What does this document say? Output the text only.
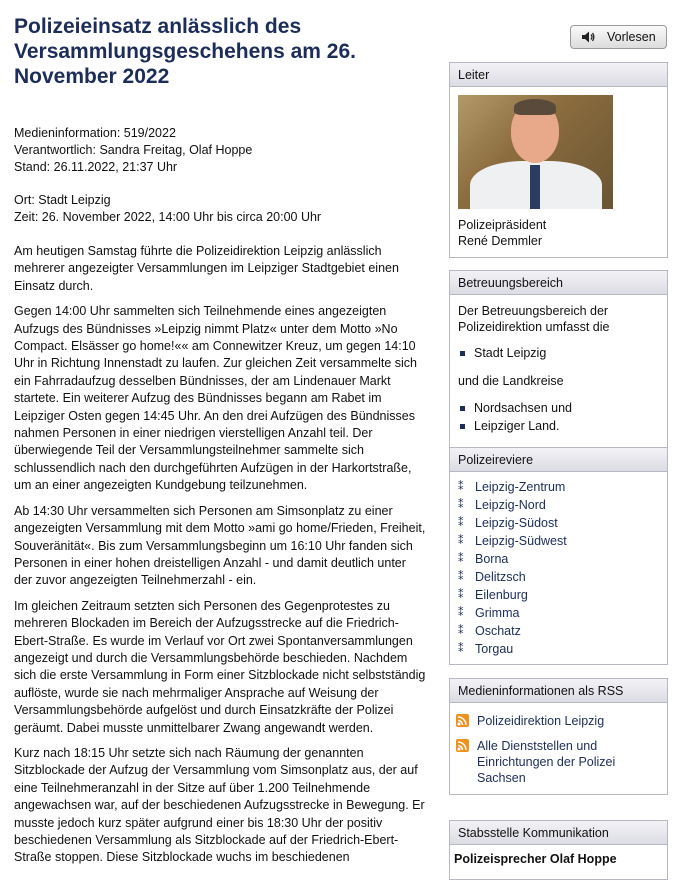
Polizeieinsatz anlässlich des Versammlungsgeschehens am 26. November 2022
Medieninformation: 519/2022
Verantwortlich: Sandra Freitag, Olaf Hoppe
Stand: 26.11.2022, 21:37 Uhr
Ort: Stadt Leipzig
Zeit: 26. November 2022, 14:00 Uhr bis circa 20:00 Uhr

Am heutigen Samstag führte die Polizeidirektion Leipzig anlässlich mehrerer angezeigter Versammlungen im Leipziger Stadtgebiet einen Einsatz durch.

Gegen 14:00 Uhr sammelten sich Teilnehmende eines angezeigten Aufzugs des Bündnisses »Leipzig nimmt Platz« unter dem Motto »No Compact. Elsässer go home!«« am Connewitzer Kreuz, um gegen 14:10 Uhr in Richtung Innenstadt zu laufen. Zur gleichen Zeit versammelte sich ein Fahrradaufzug desselben Bündnisses, der am Lindenauer Markt startete. Ein weiterer Aufzug des Bündnisses begann am Rabet im Leipziger Osten gegen 14:45 Uhr. An den drei Aufzügen des Bündnisses nahmen Personen in einer niedrigen vierstelligen Anzahl teil. Der überwiegende Teil der Versammlungsteilnehmer sammelte sich schlussendlich nach den durchgeführten Aufzügen in der Harkortstraße, um an einer angezeigten Kundgebung teilzunehmen.

Ab 14:30 Uhr versammelten sich Personen am Simsonplatz zu einer angezeigten Versammlung mit dem Motto »ami go home/Frieden, Freiheit, Souveränität«. Bis zum Versammlungsbeginn um 16:10 Uhr fanden sich Personen in einer hohen dreistelligen Anzahl - und damit deutlich unter der zuvor angezeigten Teilnehmerzahl - ein.

Im gleichen Zeitraum setzten sich Personen des Gegenprotestes zu mehreren Blockaden im Bereich der Aufzugsstrecke auf die Friedrich-Ebert-Straße. Es wurde im Verlauf vor Ort zwei Spontanversammlungen angezeigt und durch die Versammlungsbehörde beschieden. Nachdem sich die erste Versammlung in Form einer Sitzblockade nicht selbstständig auflöste, wurde sie nach mehrmaliger Ansprache auf Weisung der Versammlungsbehörde aufgelöst und durch Einsatzkräfte der Polizei geräumt. Dabei musste unmittelbarer Zwang angewandt werden.

Kurz nach 18:15 Uhr setzte sich nach Räumung der genannten Sitzblockade der Aufzug der Versammlung vom Simsonplatz aus, der auf eine Teilnehmeranzahl in der Sitze auf über 1.200 Teilnehmende angewachsen war, auf der beschiedenen Aufzugsstrecke in Bewegung. Er musste jedoch kurz später aufgrund einer bis 18:30 Uhr der positiv beschiedenen Versammlung als Sitzblockade auf der Friedrich-Ebert-Straße stoppen. Diese Sitzblockade wuchs im beschiedenen

Vorlesen
Leiter
Polizeipräsident
René Demmler
Betreuungsbereich
Der Betreuungsbereich der Polizeidirektion umfasst die
Stadt Leipzig
und die Landkreise
Nordsachsen und
Leipziger Land.
Polizeireviere
⁑ Leipzig-Zentrum
⁑ Leipzig-Nord
⁑ Leipzig-Südost
⁑ Leipzig-Südwest
⁑ Borna
⁑ Delitzsch
⁑ Eilenburg
⁑ Grimma
⁑ Oschatz
⁑ Torgau
Medieninformationen als RSS
Polizeidirektion Leipzig
Alle Dienststellen und Einrichtungen der Polizei Sachsen
Stabsstelle Kommunikation
Polizeisprecher Olaf Hoppe
